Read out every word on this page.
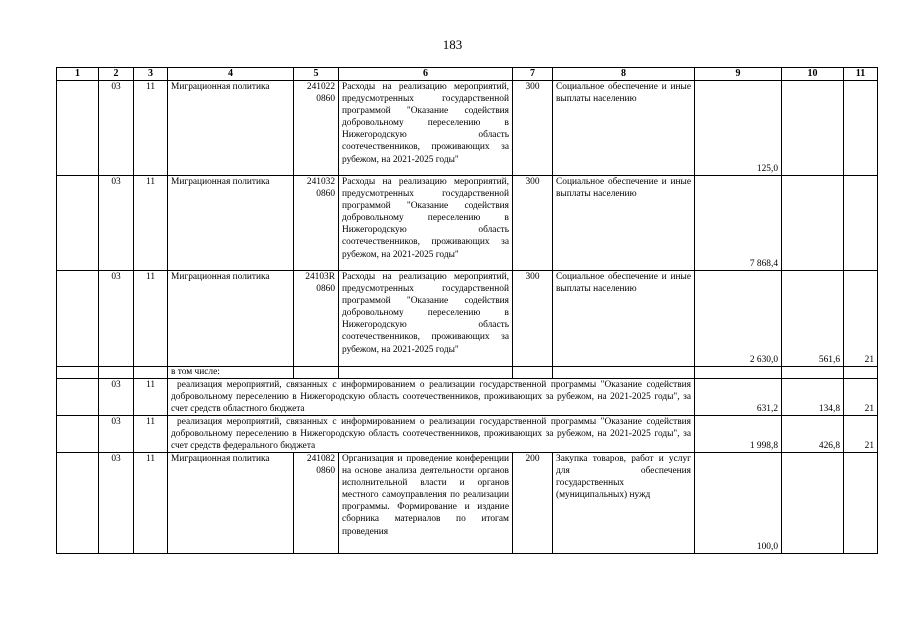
183
1	2	3	4	5	6	7	8	9	10	11
	03	11	Миграционная политика	241022 0860	Расходы на реализацию мероприятий, предусмотренных государственной программой "Оказание содействия добровольному переселению в Нижегородскую область соотечественников, проживающих за рубежом, на 2021-2025 годы"	300	Социальное обеспечение и иные выплаты населению	125,0		
	03	11	Миграционная политика	241032 0860	Расходы на реализацию мероприятий, предусмотренных государственной программой "Оказание содействия добровольному переселению в Нижегородскую область соотечественников, проживающих за рубежом, на 2021-2025 годы"	300	Социальное обеспечение и иные выплаты населению	7 868,4		
	03	11	Миграционная политика	24103R 0860	Расходы на реализацию мероприятий, предусмотренных государственной программой "Оказание содействия добровольному переселению в Нижегородскую область соотечественников, проживающих за рубежом, на 2021-2025 годы"	300	Социальное обеспечение и иные выплаты населению	2 630,0	561,6	21
			в том числе:							
	03	11	реализация мероприятий, связанных с информированием о реализации государственной программы "Оказание содействия добровольному переселению в Нижегородскую область соотечественников, проживающих за рубежом, на 2021-2025 годы", за счет средств областного бюджета					631,2	134,8	21
	03	11	реализация мероприятий, связанных с информированием о реализации государственной программы "Оказание содействия добровольному переселению в Нижегородскую область соотечественников, проживающих за рубежом, на 2021-2025 годы", за счет средств федерального бюджета					1 998,8	426,8	21
	03	11	Миграционная политика	241082 0860	Организация и проведение конференции на основе анализа деятельности органов исполнительной власти и органов местного самоуправления по реализации программы. Формирование и издание сборника материалов по итогам проведения	200	Закупка товаров, работ и услуг для обеспечения государственных (муниципальных) нужд	100,0		
